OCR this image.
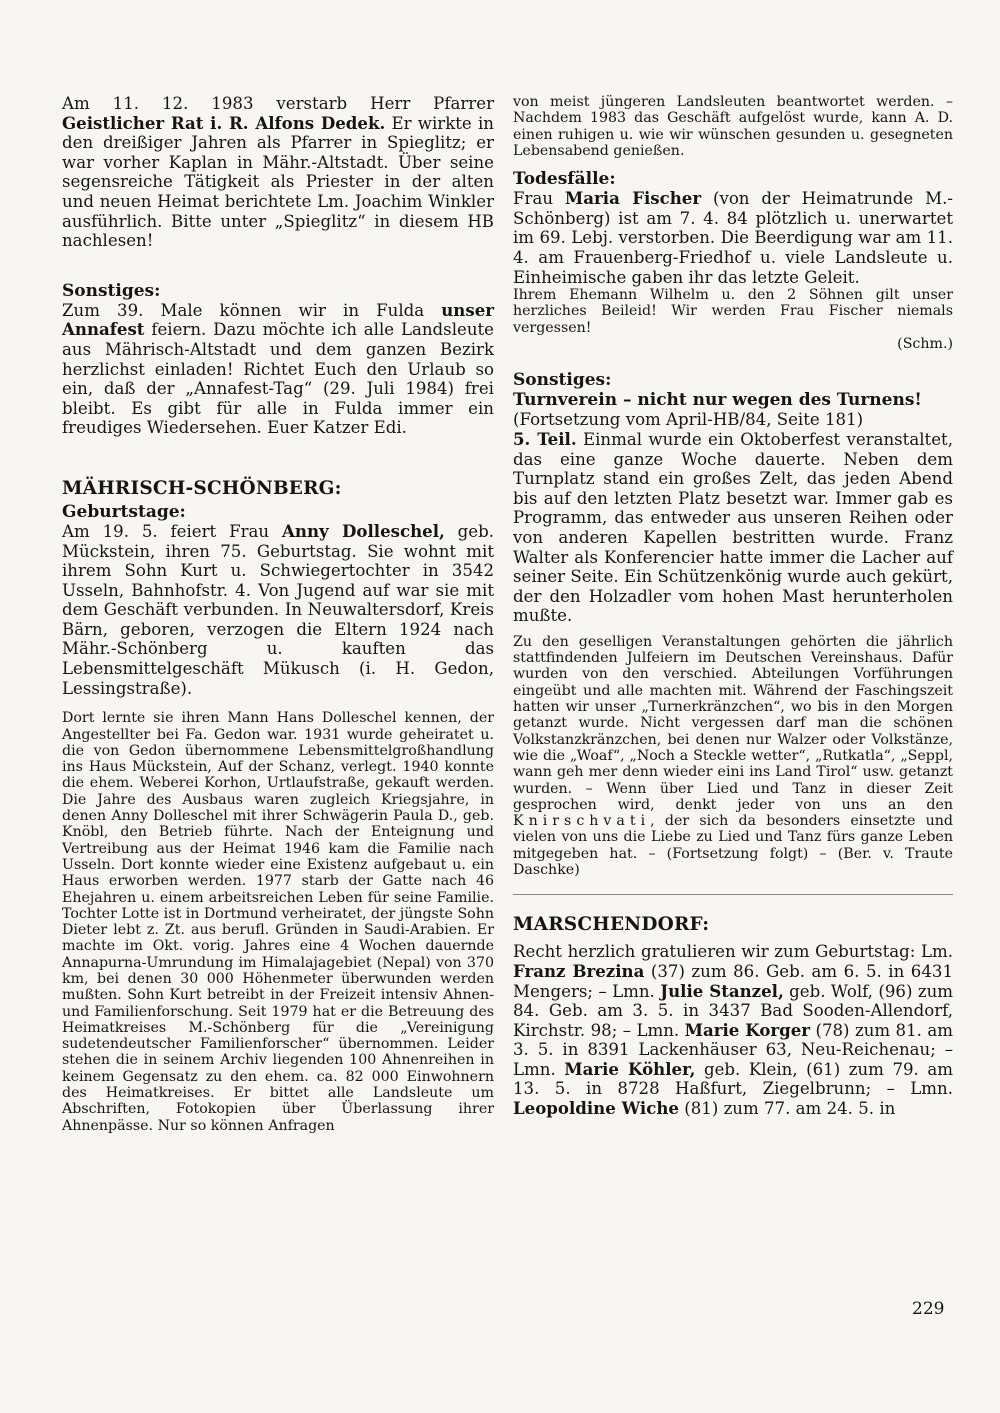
Am 11. 12. 1983 verstarb Herr Pfarrer Geistlicher Rat i. R. Alfons Dedek. Er wirkte in den dreißiger Jahren als Pfarrer in Spieglitz; er war vorher Kaplan in Mähr.-Altstadt. Über seine segensreiche Tätigkeit als Priester in der alten und neuen Heimat berichtete Lm. Joachim Winkler ausführlich. Bitte unter „Spieglitz“ in diesem HB nachlesen!

Sonstiges:

Zum 39. Male können wir in Fulda unser Annafest feiern. Dazu möchte ich alle Landsleute aus Mährisch-Altstadt und dem ganzen Bezirk herzlichst einladen! Richtet Euch den Urlaub so ein, daß der „Annafest-Tag“ (29. Juli 1984) frei bleibt. Es gibt für alle in Fulda immer ein freudiges Wiedersehen. Euer Katzer Edi.

MÄHRISCH-SCHÖNBERG:
Geburtstage:

Am 19. 5. feiert Frau Anny Dolleschel, geb. Mückstein, ihren 75. Geburtstag. Sie wohnt mit ihrem Sohn Kurt u. Schwiegertochter in 3542 Usseln, Bahnhofstr. 4. Von Jugend auf war sie mit dem Geschäft verbunden. In Neuwaltersdorf, Kreis Bärn, geboren, verzogen die Eltern 1924 nach Mähr.-Schönberg u. kauften das Lebensmittelgeschäft Mükusch (i. H. Gedon, Lessingstraße).

Dort lernte sie ihren Mann Hans Dolleschel kennen, der Angestellter bei Fa. Gedon war. 1931 wurde geheiratet u. die von Gedon übernommene Lebensmittelgroßhandlung ins Haus Mückstein, Auf der Schanz, verlegt. 1940 konnte die ehem. Weberei Korhon, Urtlaufstraße, gekauft werden. Die Jahre des Ausbaus waren zugleich Kriegsjahre, in denen Anny Dolleschel mit ihrer Schwägerin Paula D., geb. Knöbl, den Betrieb führte. Nach der Enteignung und Vertreibung aus der Heimat 1946 kam die Familie nach Usseln. Dort konnte wieder eine Existenz aufgebaut u. ein Haus erworben werden. 1977 starb der Gatte nach 46 Ehejahren u. einem arbeitsreichen Leben für seine Familie. Tochter Lotte ist in Dortmund verheiratet, der jüngste Sohn Dieter lebt z. Zt. aus berufl. Gründen in Saudi-Arabien. Er machte im Okt. vorig. Jahres eine 4 Wochen dauernde Annapurna-Umrundung im Himalajagebiet (Nepal) von 370 km, bei denen 30 000 Höhenmeter überwunden werden mußten. Sohn Kurt betreibt in der Freizeit intensiv Ahnen- und Familienforschung. Seit 1979 hat er die Betreuung des Heimatkreises M.-Schönberg für die „Vereinigung sudetendeutscher Familienforscher“ übernommen. Leider stehen die in seinem Archiv liegenden 100 Ahnenreihen in keinem Gegensatz zu den ehem. ca. 82 000 Einwohnern des Heimatkreises. Er bittet alle Landsleute um Abschriften, Fotokopien über Überlassung ihrer Ahnenpässe. Nur so können Anfragen

von meist jüngeren Landsleuten beantwortet werden. – Nachdem 1983 das Geschäft aufgelöst wurde, kann A. D. einen ruhigen u. wie wir wünschen gesunden u. gesegneten Lebensabend genießen.

Todesfälle:

Frau Maria Fischer (von der Heimatrunde M.-Schönberg) ist am 7. 4. 84 plötzlich u. unerwartet im 69. Lebj. verstorben. Die Beerdigung war am 11. 4. am Frauenberg-Friedhof u. viele Landsleute u. Einheimische gaben ihr das letzte Geleit.

Ihrem Ehemann Wilhelm u. den 2 Söhnen gilt unser herzliches Beileid! Wir werden Frau Fischer niemals vergessen!

(Schm.)
Sonstiges:
Turnverein – nicht nur wegen des Turnens!

(Fortsetzung vom April-HB/84, Seite 181)

5. Teil. Einmal wurde ein Oktoberfest veranstaltet, das eine ganze Woche dauerte. Neben dem Turnplatz stand ein großes Zelt, das jeden Abend bis auf den letzten Platz besetzt war. Immer gab es Programm, das entweder aus unseren Reihen oder von anderen Kapellen bestritten wurde. Franz Walter als Konferencier hatte immer die Lacher auf seiner Seite. Ein Schützenkönig wurde auch gekürt, der den Holzadler vom hohen Mast herunterholen mußte.

Zu den geselligen Veranstaltungen gehörten die jährlich stattfindenden Julfeiern im Deutschen Vereinshaus. Dafür wurden von den verschied. Abteilungen Vorführungen eingeübt und alle machten mit. Während der Faschingszeit hatten wir unser „Turnerkränzchen“, wo bis in den Morgen getanzt wurde. Nicht vergessen darf man die schönen Volkstanzkränzchen, bei denen nur Walzer oder Volkstänze, wie die „Woaf“, „Noch a Steckle wetter“, „Rutkatla“, „Seppl, wann geh mer denn wieder eini ins Land Tirol“ usw. getanzt wurden. – Wenn über Lied und Tanz in dieser Zeit gesprochen wird, denkt jeder von uns an den Knirschvati, der sich da besonders einsetzte und vielen von uns die Liebe zu Lied und Tanz fürs ganze Leben mitgegeben hat. – (Fortsetzung folgt) – (Ber. v. Traute Daschke)

MARSCHENDORF:

Recht herzlich gratulieren wir zum Geburtstag: Lm. Franz Brezina (37) zum 86. Geb. am 6. 5. in 6431 Mengers; – Lmn. Julie Stanzel, geb. Wolf, (96) zum 84. Geb. am 3. 5. in 3437 Bad Sooden-Allendorf, Kirchstr. 98; – Lmn. Marie Korger (78) zum 81. am 3. 5. in 8391 Lackenhäuser 63, Neu-Reichenau; – Lmn. Marie Köhler, geb. Klein, (61) zum 79. am 13. 5. in 8728 Haßfurt, Ziegelbrunn; – Lmn. Leopoldine Wiche (81) zum 77. am 24. 5. in

229
